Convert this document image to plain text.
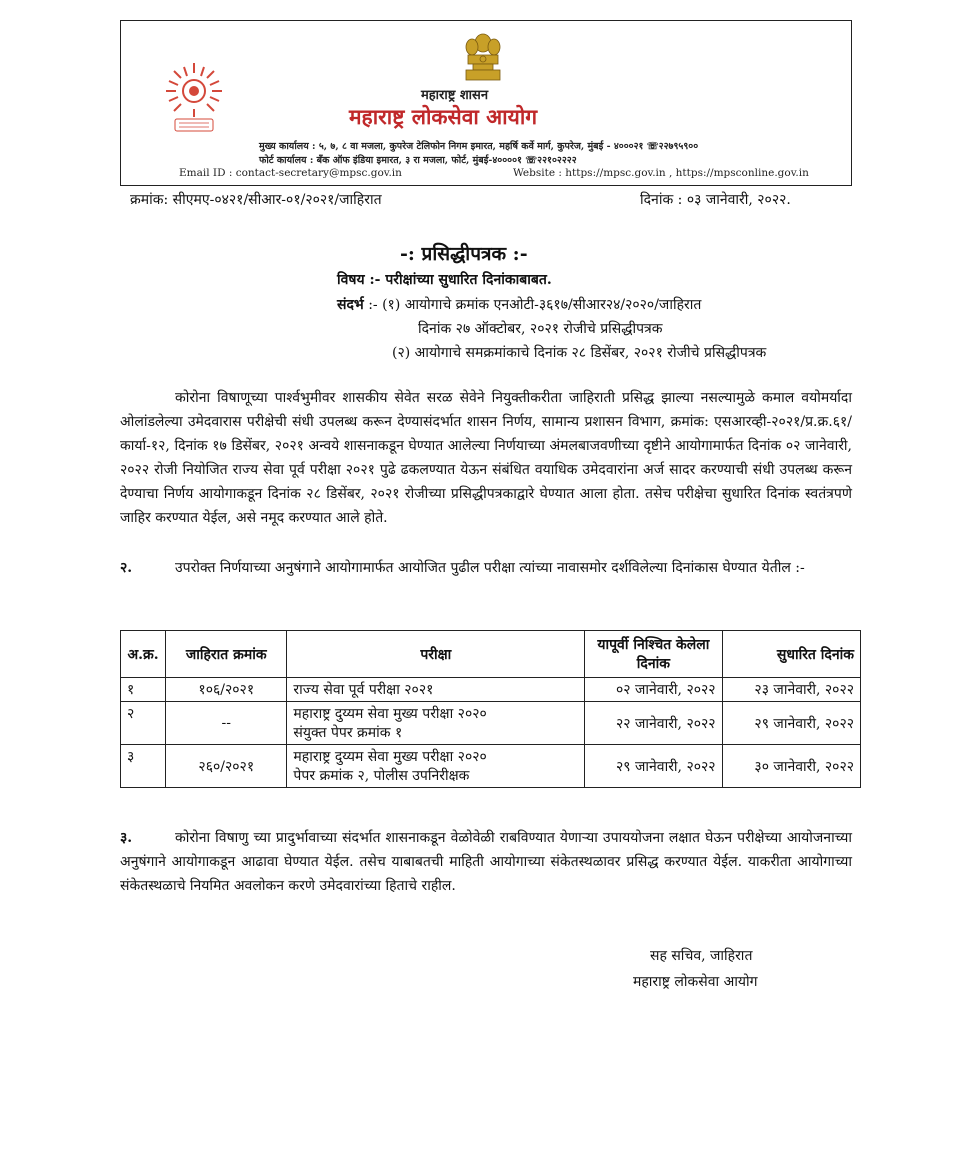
महाराष्ट्र शासन
महाराष्ट्र लोकसेवा आयोग
मुख्य कार्यालय : ५, ७, ८ वा मजला, कुपरेज टेलिफोन निगम इमारत, महर्षि कर्वे मार्ग, कुपरेज, मुंबई - ४०००२१ ☏२२७९५९००
फोर्ट कार्यालय : बँक ऑफ इंडिया इमारत, ३ रा मजला, फोर्ट, मुंबई-४००००१ ☏२२१०२२२२
Email ID : contact-secretary@mpsc.gov.in	Website : https://mpsc.gov.in , https://mpsconline.gov.in
क्रमांक: सीएमए-०४२१/सीआर-०१/२०२१/जाहिरात	दिनांक : ०३ जानेवारी, २०२२.
-: प्रसिद्धीपत्रक :-
विषय :- परीक्षांच्या सुधारित दिनांकाबाबत.
संदर्भ :- (१) आयोगाचे क्रमांक एनओटी-३६१७/सीआर२४/२०२०/जाहिरात
दिनांक २७ ऑक्टोबर, २०२१ रोजीचे प्रसिद्धीपत्रक
(२) आयोगाचे समक्रमांकाचे दिनांक २८ डिसेंबर, २०२१ रोजीचे प्रसिद्धीपत्रक
कोरोना विषाणूच्या पार्श्वभुमीवर शासकीय सेवेत सरळ सेवेने नियुक्तीकरीता जाहिराती प्रसिद्ध झाल्या नसल्यामुळे कमाल वयोमर्यादा ओलांडलेल्या उमेदवारास परीक्षेची संधी उपलब्ध करून देण्यासंदर्भात शासन निर्णय, सामान्य प्रशासन विभाग, क्रमांक: एसआरव्ही-२०२१/प्र.क्र.६१/कार्या-१२, दिनांक १७ डिसेंबर, २०२१ अन्वये शासनाकडून घेण्यात आलेल्या निर्णयाच्या अंमलबाजवणीच्या दृष्टीने आयोगामार्फत दिनांक ०२ जानेवारी, २०२२ रोजी नियोजित राज्य सेवा पूर्व परीक्षा २०२१ पुढे ढकलण्यात येऊन संबंधित वयाधिक उमेदवारांना अर्ज सादर करण्याची संधी उपलब्ध करून देण्याचा निर्णय आयोगाकडून दिनांक २८ डिसेंबर, २०२१ रोजीच्या प्रसिद्धीपत्रकाद्वारे घेण्यात आला होता. तसेच परीक्षेचा सुधारित दिनांक स्वतंत्रपणे जाहिर करण्यात येईल, असे नमूद करण्यात आले होते.
२.	उपरोक्त निर्णयाच्या अनुषंगाने आयोगामार्फत आयोजित पुढील परीक्षा त्यांच्या नावासमोर दर्शविलेल्या दिनांकास घेण्यात येतील :-
अ.क्र.	जाहिरात क्रमांक	परीक्षा	यापूर्वी निश्चित केलेला दिनांक	सुधारित दिनांक
१	१०६/२०२१	राज्य सेवा पूर्व परीक्षा २०२१	०२ जानेवारी, २०२२	२३ जानेवारी, २०२२
२	--	महाराष्ट्र दुय्यम सेवा मुख्य परीक्षा २०२०
संयुक्त पेपर क्रमांक १	२२ जानेवारी, २०२२	२९ जानेवारी, २०२२
३	२६०/२०२१	महाराष्ट्र दुय्यम सेवा मुख्य परीक्षा २०२०
पेपर क्रमांक २, पोलीस उपनिरीक्षक	२९ जानेवारी, २०२२	३० जानेवारी, २०२२
३.	कोरोना विषाणु च्या प्रादुर्भावाच्या संदर्भात शासनाकडून वेळोवेळी राबविण्यात येणाऱ्या उपाययोजना लक्षात घेऊन परीक्षेच्या आयोजनाच्या अनुषंगाने आयोगाकडून आढावा घेण्यात येईल. तसेच याबाबतची माहिती आयोगाच्या संकेतस्थळावर प्रसिद्ध करण्यात येईल. याकरीता आयोगाच्या संकेतस्थळाचे नियमित अवलोकन करणे उमेदवारांच्या हिताचे राहील.
सह सचिव, जाहिरात
महाराष्ट्र लोकसेवा आयोग
